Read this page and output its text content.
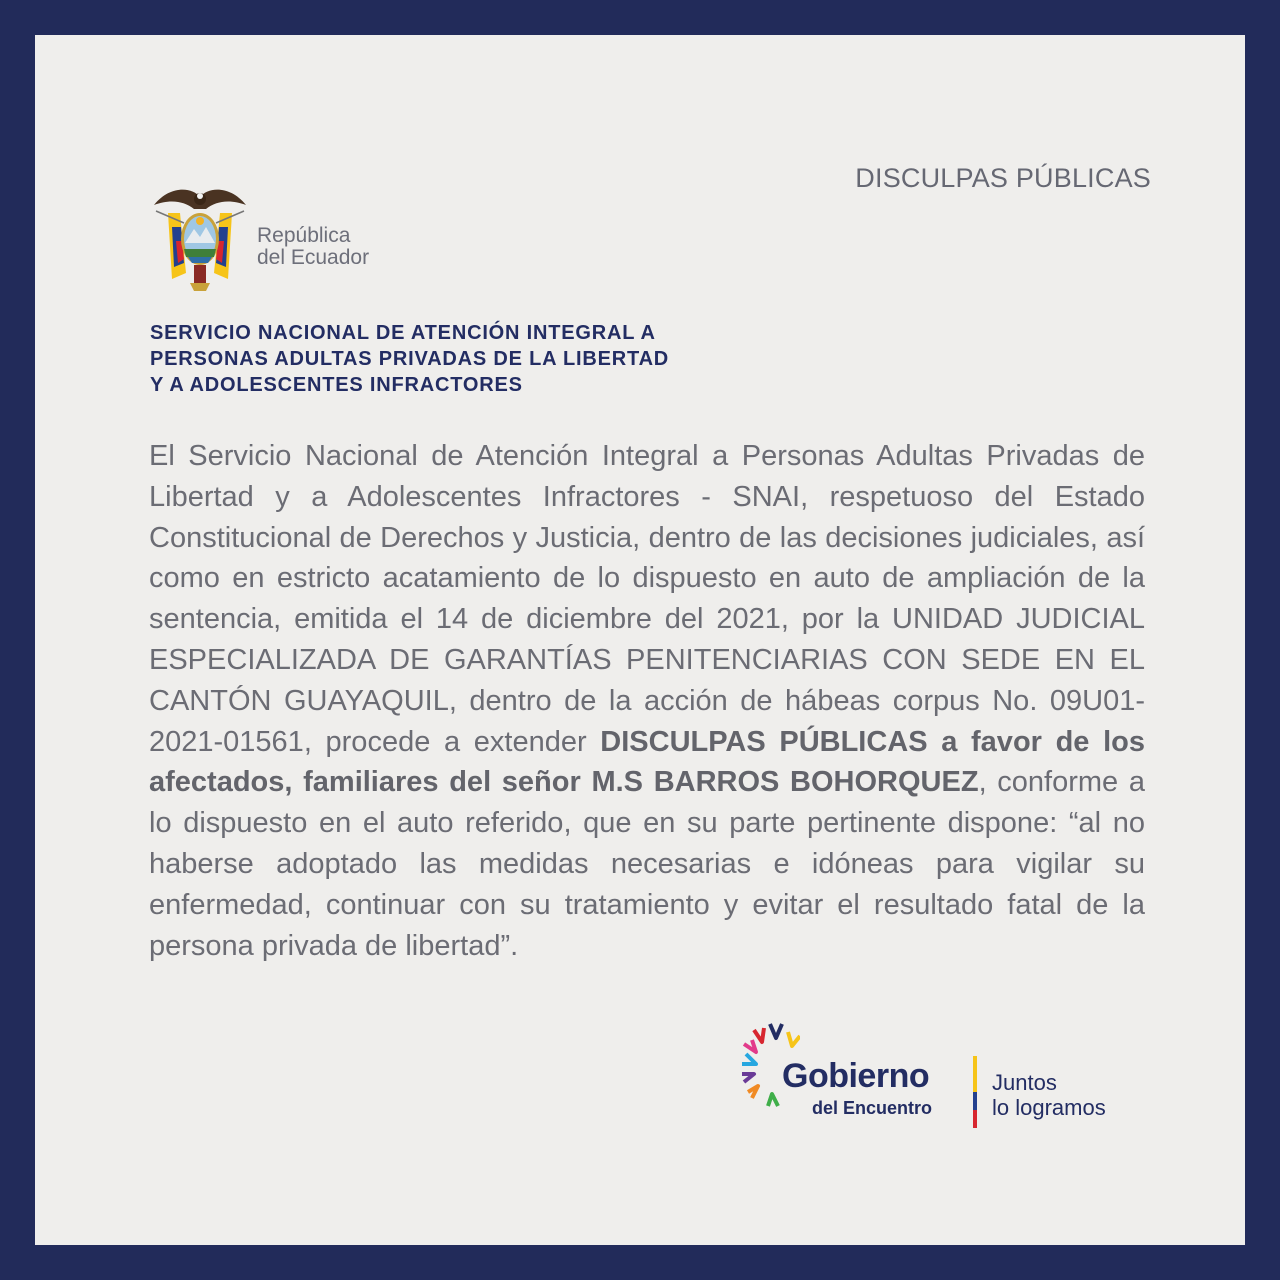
DISCULPAS PÚBLICAS
República
del Ecuador
SERVICIO NACIONAL DE ATENCIÓN INTEGRAL A
PERSONAS ADULTAS PRIVADAS DE LA LIBERTAD
Y A ADOLESCENTES INFRACTORES
El Servicio Nacional de Atención Integral a Personas Adultas Privadas de Libertad y a Adolescentes Infractores - SNAI, respetuoso del Estado Constitucional de Derechos y Justicia, dentro de las decisiones judiciales, así como en estricto acatamiento de lo dispuesto en auto de ampliación de la sentencia, emitida el 14 de diciembre del 2021, por la UNIDAD JUDICIAL ESPECIALIZADA DE GARANTÍAS PENITENCIARIAS CON SEDE EN EL CANTÓN GUAYAQUIL, dentro de la acción de hábeas corpus No. 09U01-2021-01561, procede a extender DISCULPAS PÚBLICAS a favor de los afectados, familiares del señor M.S BARROS BOHORQUEZ, conforme a lo dispuesto en el auto referido, que en su parte pertinente dispone: “al no haberse adoptado las medidas necesarias e idóneas para vigilar su enfermedad, continuar con su tratamiento y evitar el resultado fatal de la persona privada de libertad”.
Gobierno
del Encuentro
Juntos
lo logramos
